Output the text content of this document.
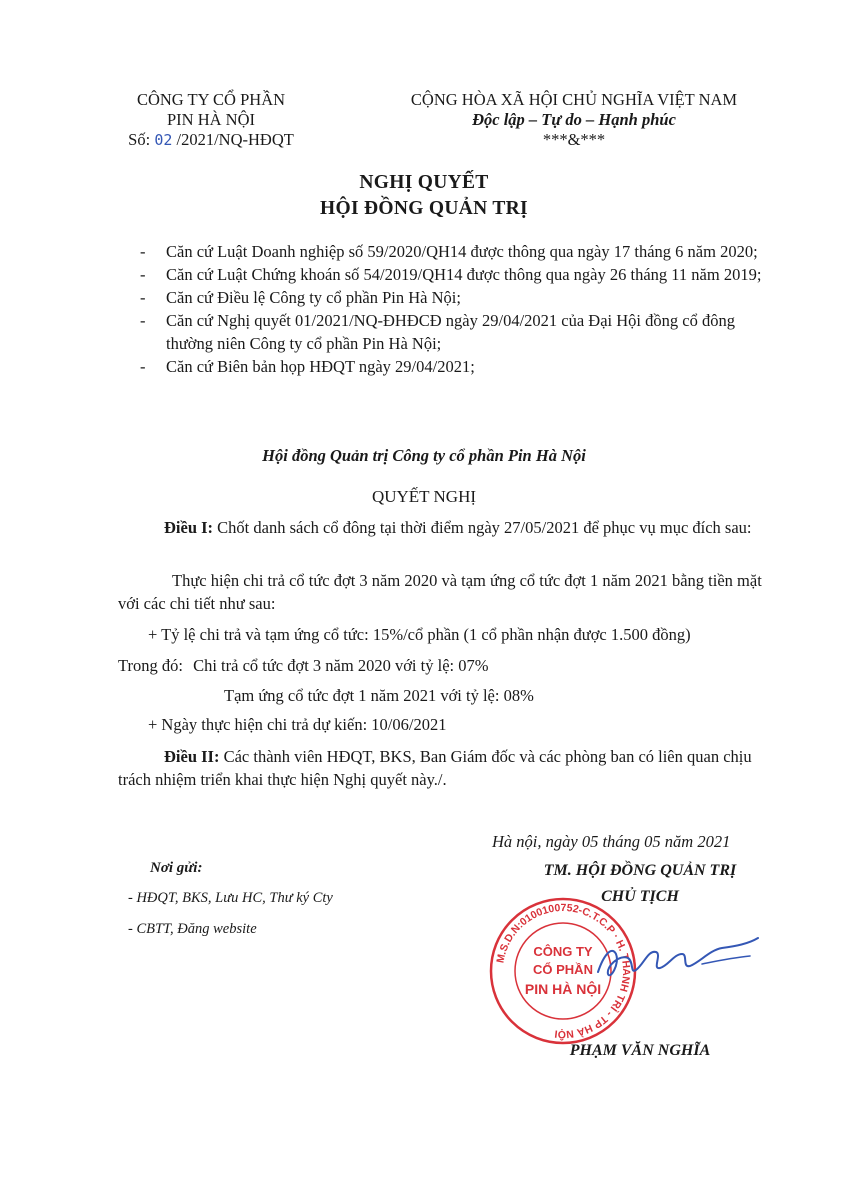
CÔNG TY CỔ PHẦN
PIN HÀ NỘI
Số: 02 /2021/NQ-HĐQT
CỘNG HÒA XÃ HỘI CHỦ NGHĨA VIỆT NAM
Độc lập – Tự do – Hạnh phúc
***&***
NGHỊ QUYẾT
HỘI ĐỒNG QUẢN TRỊ
- Căn cứ Luật Doanh nghiệp số 59/2020/QH14 được thông qua ngày 17 tháng 6 năm 2020;
- Căn cứ Luật Chứng khoán số 54/2019/QH14 được thông qua ngày 26 tháng 11 năm 2019;
- Căn cứ Điều lệ Công ty cổ phần Pin Hà Nội;
- Căn cứ Nghị quyết 01/2021/NQ-ĐHĐCĐ ngày 29/04/2021 của Đại Hội đồng cổ đông thường niên Công ty cổ phần Pin Hà Nội;
- Căn cứ Biên bản họp HĐQT ngày 29/04/2021;
Hội đồng Quản trị Công ty cổ phần Pin Hà Nội
QUYẾT NGHỊ
Điều I: Chốt danh sách cổ đông tại thời điểm ngày 27/05/2021 để phục vụ mục đích sau:
Thực hiện chi trả cổ tức đợt 3 năm 2020 và tạm ứng cổ tức đợt 1 năm 2021 bằng tiền mặt với các chi tiết như sau:
+ Tỷ lệ chi trả và tạm ứng cổ tức: 15%/cổ phần (1 cổ phần nhận được 1.500 đồng)
Trong đó: Chi trả cổ tức đợt 3 năm 2020 với tỷ lệ: 07%
Tạm ứng cổ tức đợt 1 năm 2021 với tỷ lệ: 08%
+ Ngày thực hiện chi trả dự kiến: 10/06/2021
Điều II: Các thành viên HĐQT, BKS, Ban Giám đốc và các phòng ban có liên quan chịu trách nhiệm triển khai thực hiện Nghị quyết này./.
Hà nội, ngày 05 tháng 05 năm 2021
Nơi gửi:
- HĐQT, BKS, Lưu HC, Thư ký Cty
- CBTT, Đăng website
TM. HỘI ĐỒNG QUẢN TRỊ
CHỦ TỊCH
M.S.D.N:0100100752-C.T.C.P · H. THANH TRÌ - TP HÀ NỘI
CÔNG TY
CỔ PHẦN
PIN HÀ NỘI
PHẠM VĂN NGHĨA
